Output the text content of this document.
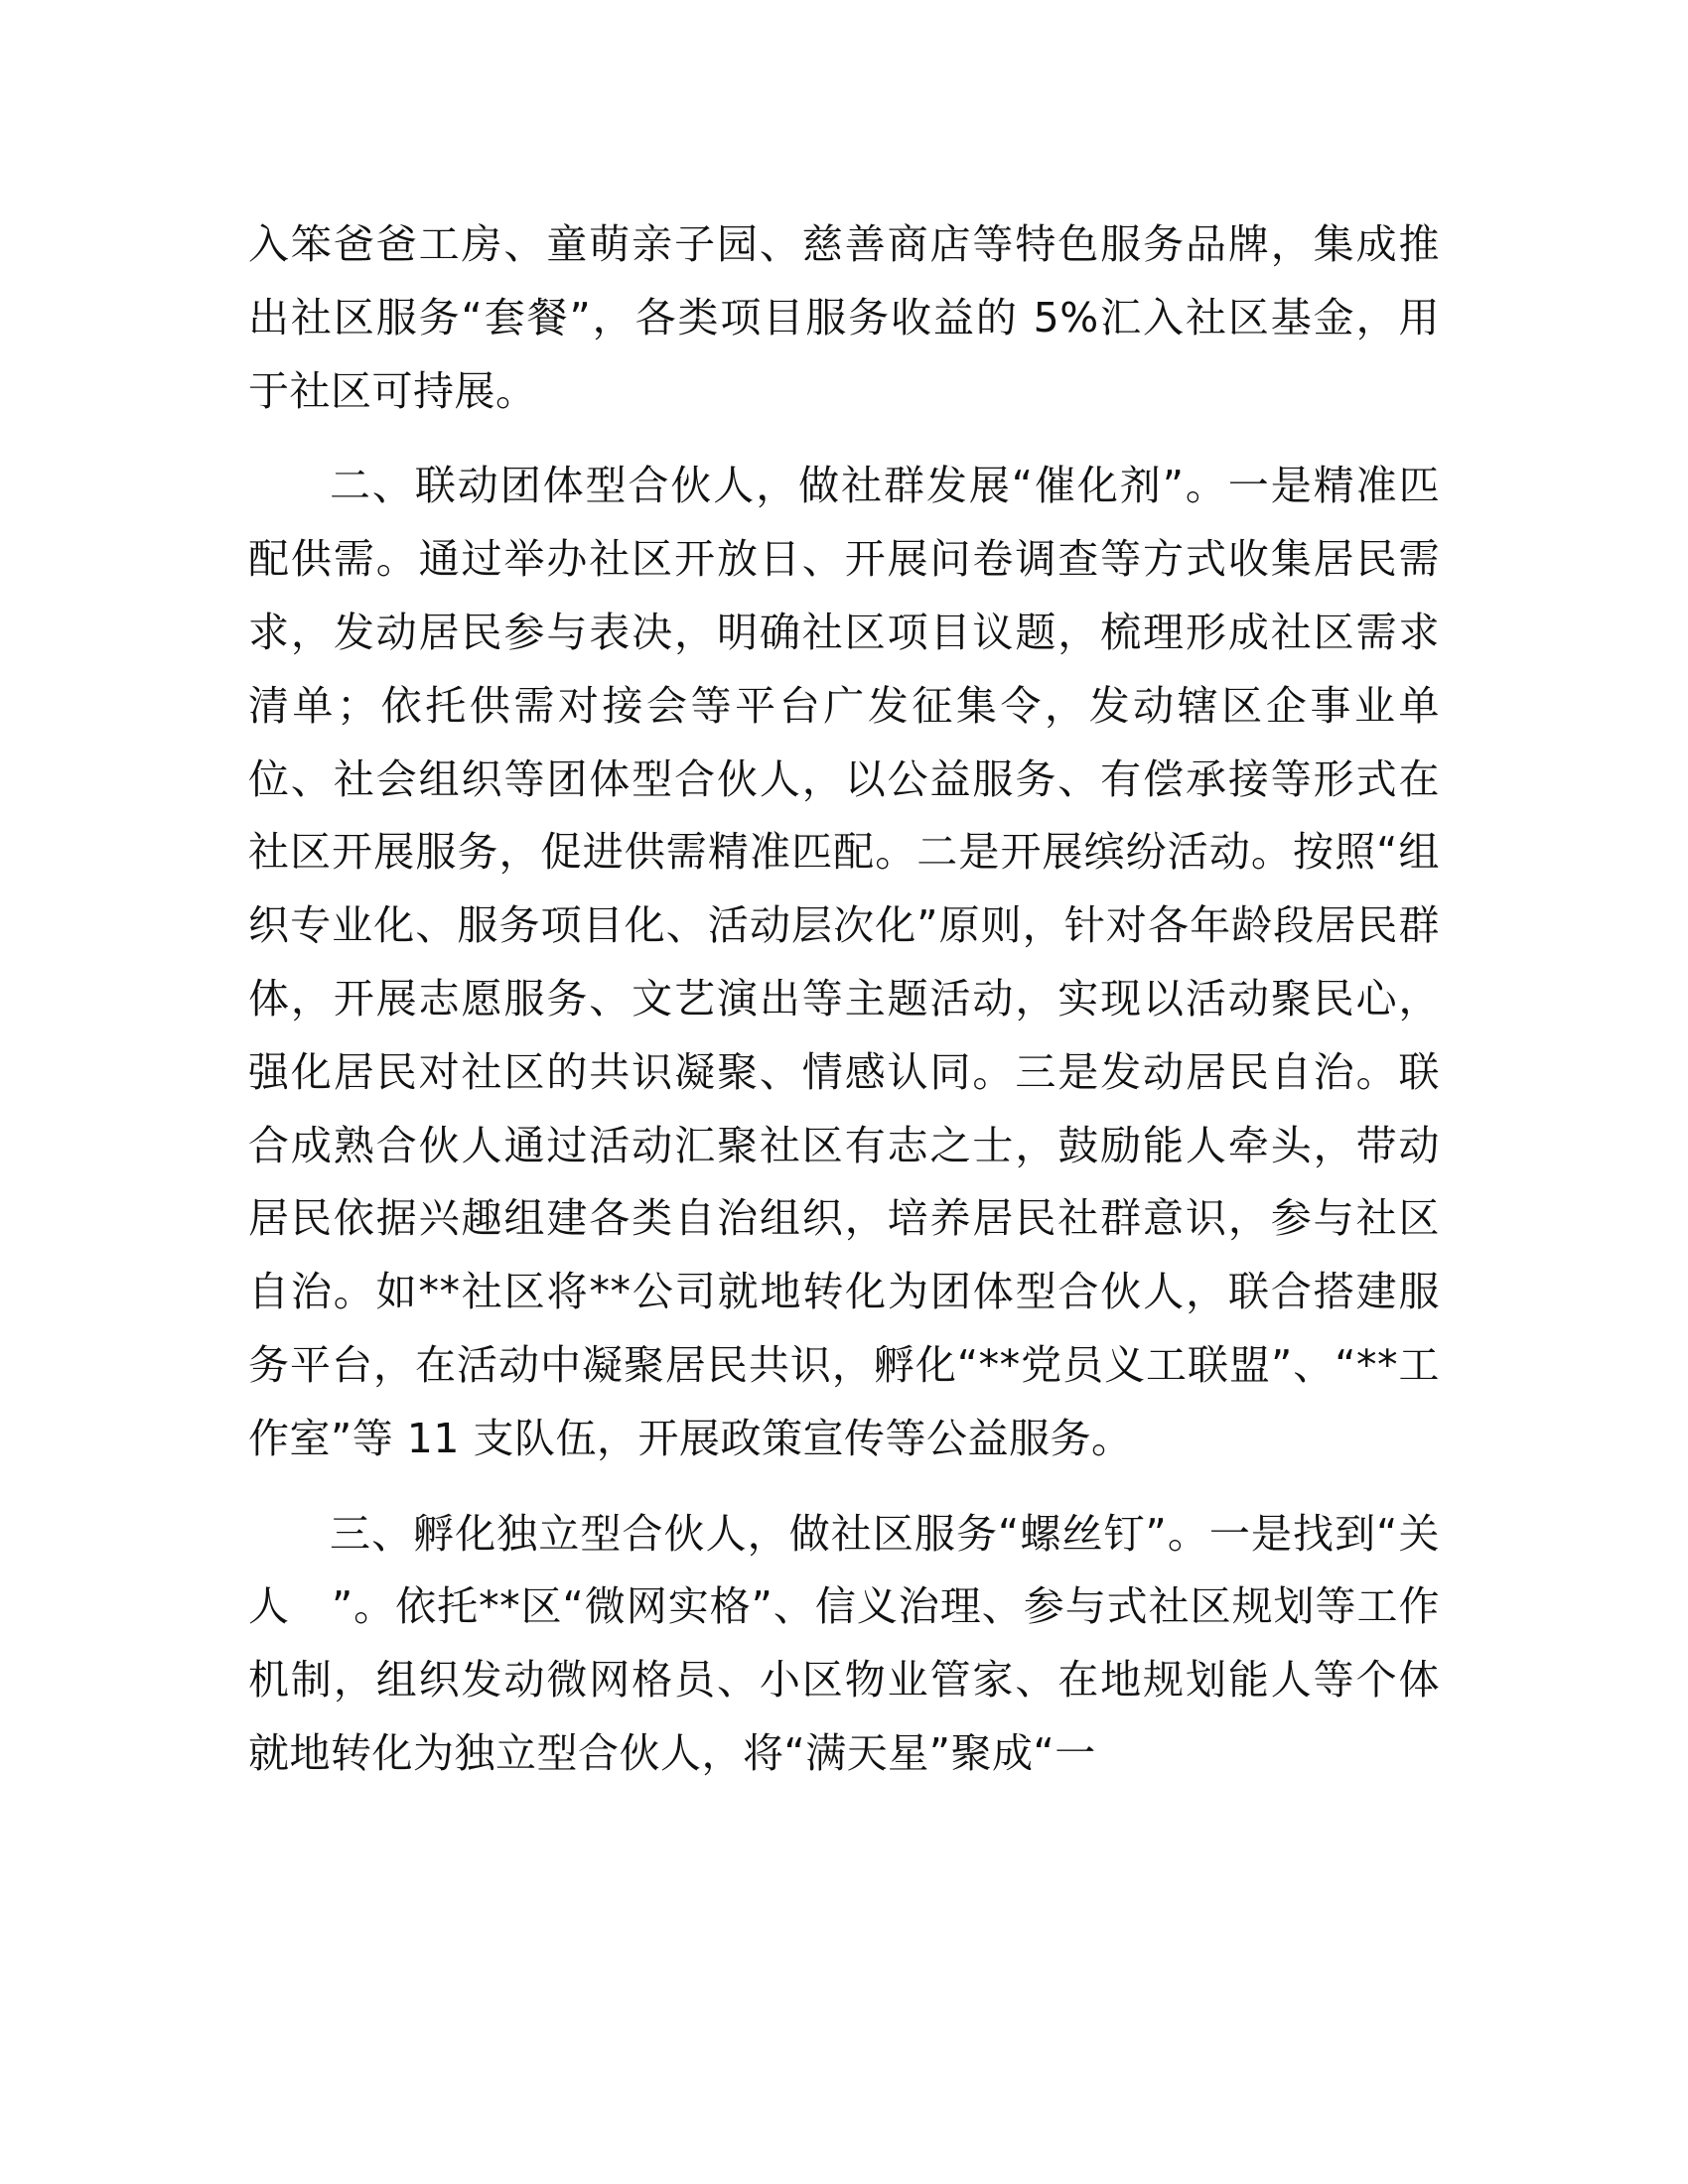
入笨爸爸工房、童萌亲子园、慈善商店等特色服务品牌，集成推出社区服务“套餐”，各类项目服务收益的 5%汇入社区基金，用于社区可持展。

二、联动团体型合伙人，做社群发展“催化剂”。一是精准匹配供需。通过举办社区开放日、开展问卷调查等方式收集居民需求，发动居民参与表决，明确社区项目议题，梳理形成社区需求清单；依托供需对接会等平台广发征集令，发动辖区企事业单位、社会组织等团体型合伙人，以公益服务、有偿承接等形式在社区开展服务，促进供需精准匹配。二是开展缤纷活动。按照“组织专业化、服务项目化、活动层次化”原则，针对各年龄段居民群体，开展志愿服务、文艺演出等主题活动，实现以活动聚民心，强化居民对社区的共识凝聚、情感认同。三是发动居民自治。联合成熟合伙人通过活动汇聚社区有志之士，鼓励能人牵头，带动居民依据兴趣组建各类自治组织，培养居民社群意识，参与社区自治。如**社区将**公司就地转化为团体型合伙人，联合搭建服务平台，在活动中凝聚居民共识，孵化“**党员义工联盟”、“**工作室”等 11 支队伍，开展政策宣传等公益服务。

三、孵化独立型合伙人，做社区服务“螺丝钉”。一是找到“关人　”。依托**区“微网实格”、信义治理、参与式社区规划等工作机制，组织发动微网格员、小区物业管家、在地规划能人等个体就地转化为独立型合伙人，将“满天星”聚成“一
